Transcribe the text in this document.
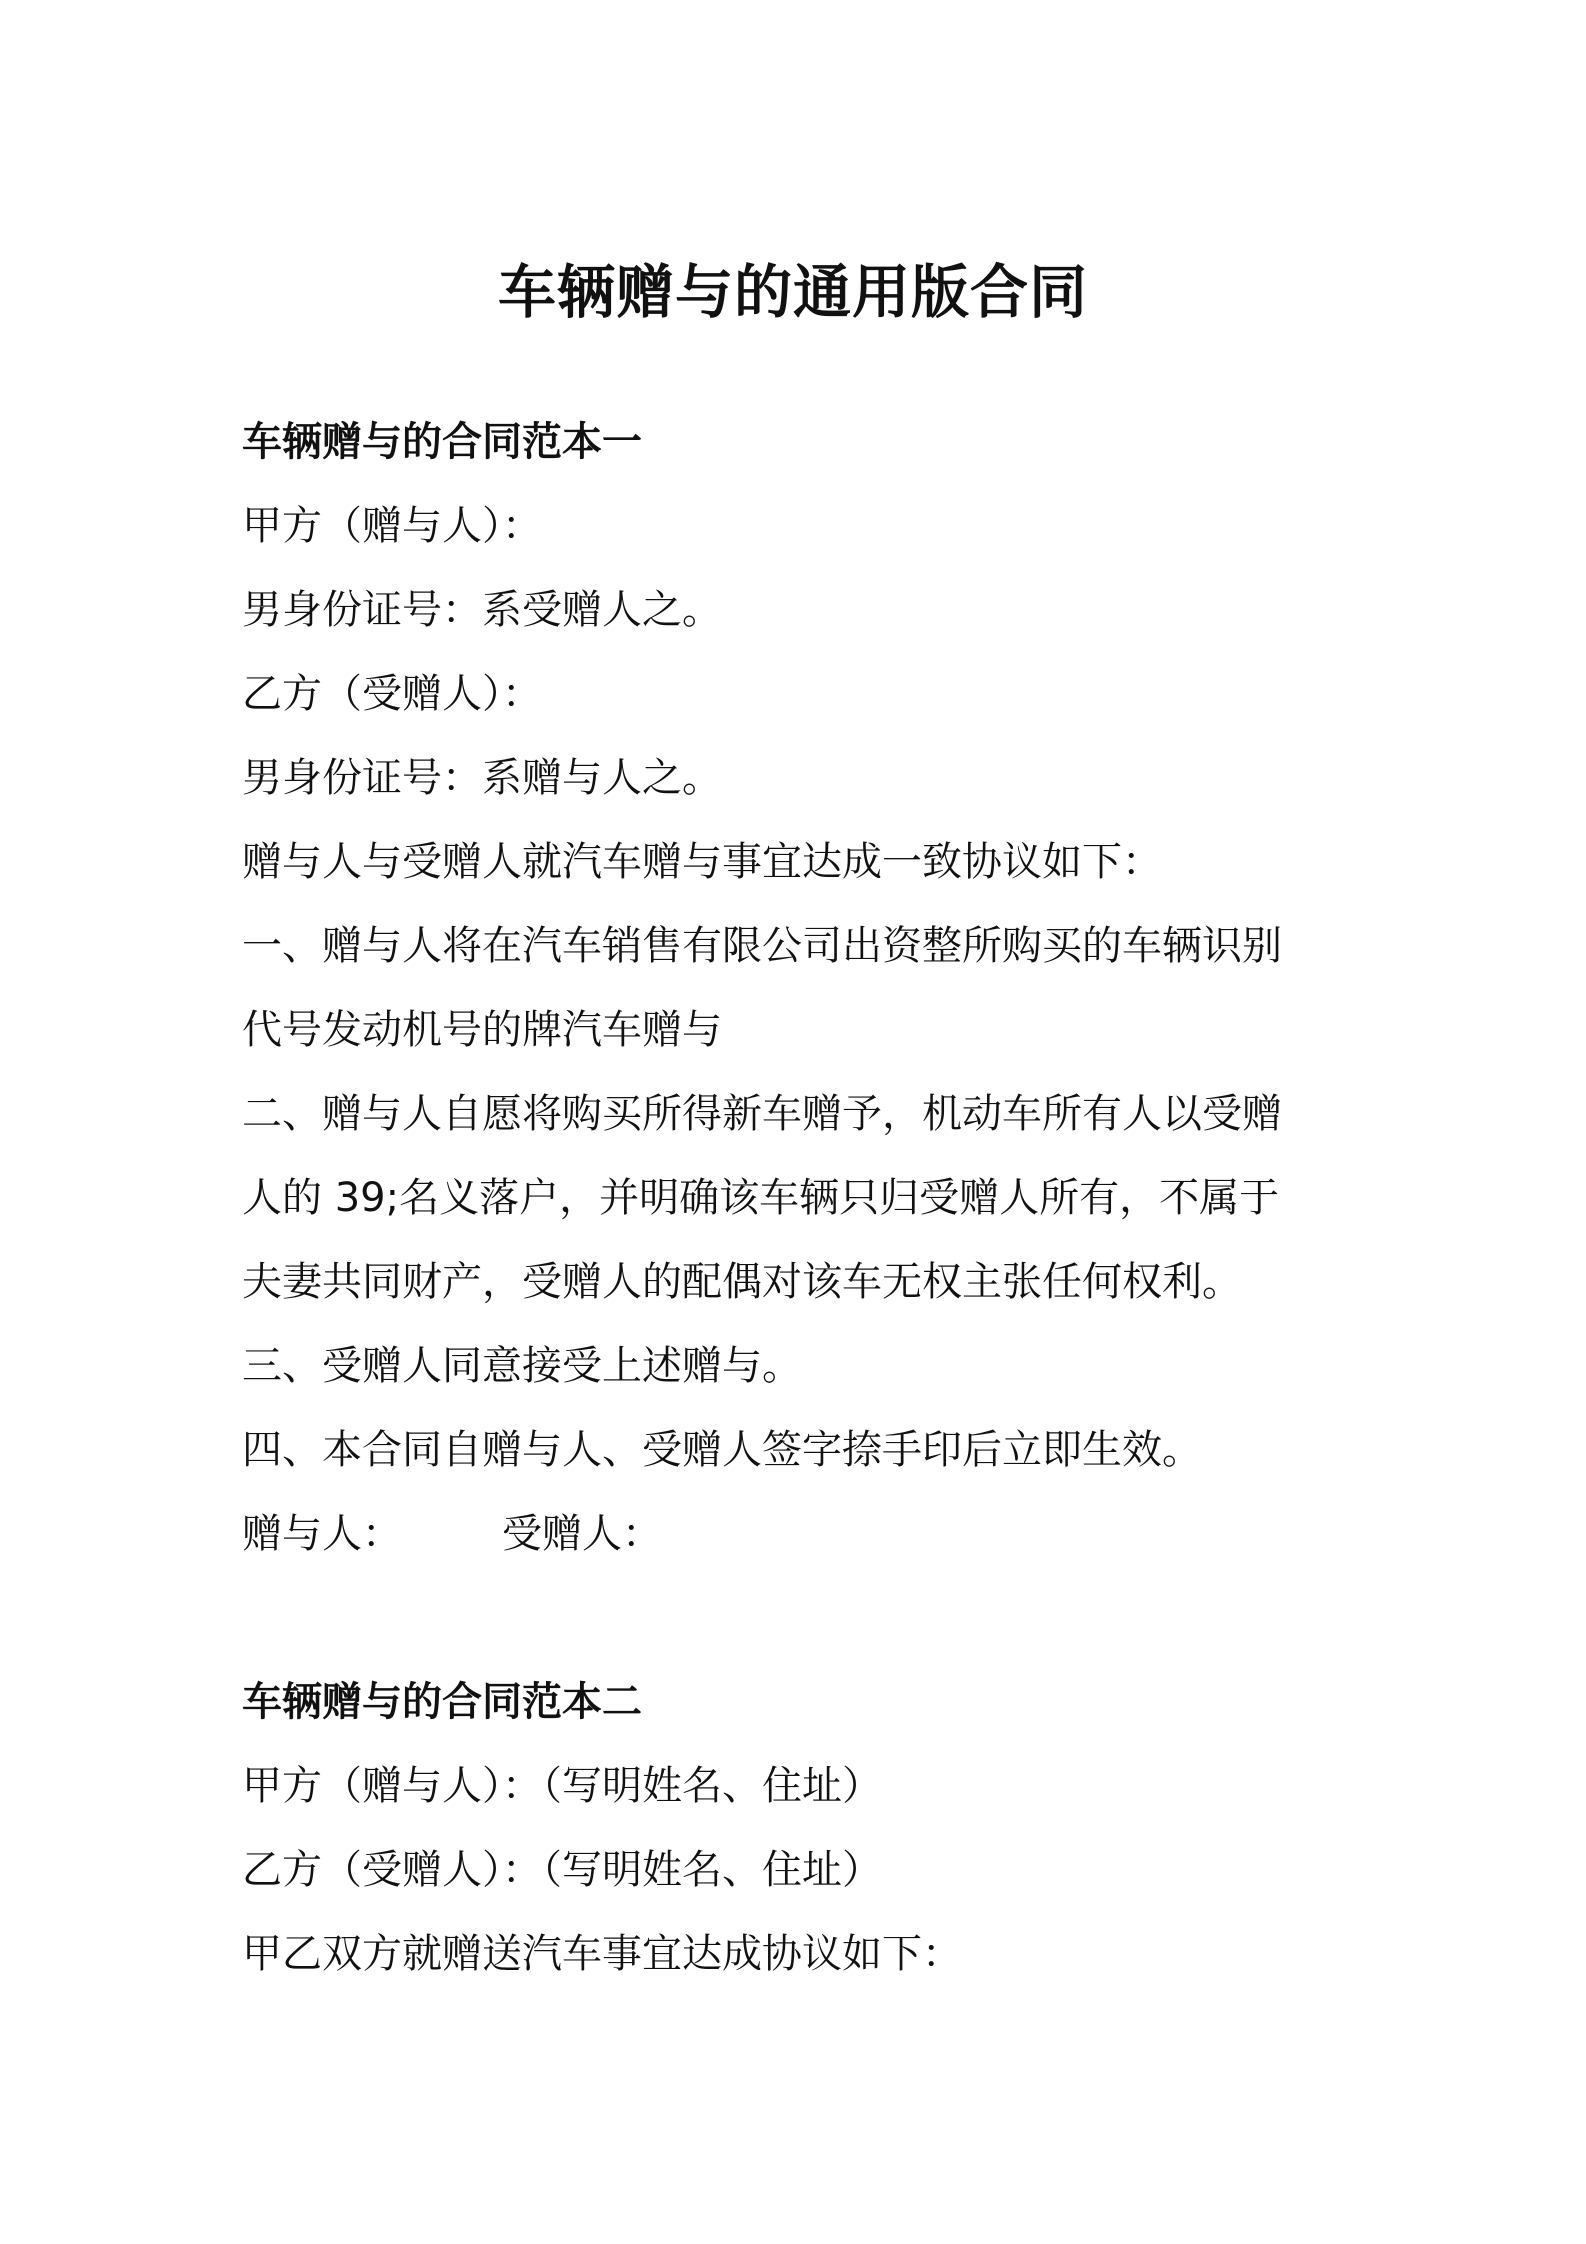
车辆赠与的通用版合同

车辆赠与的合同范本一

甲方（赠与人）：

男身份证号：系受赠人之。

乙方（受赠人）：

男身份证号：系赠与人之。

赠与人与受赠人就汽车赠与事宜达成一致协议如下：

一、赠与人将在汽车销售有限公司出资整所购买的车辆识别

代号发动机号的牌汽车赠与

二、赠与人自愿将购买所得新车赠予，机动车所有人以受赠

人的 39;名义落户，并明确该车辆只归受赠人所有，不属于

夫妻共同财产，受赠人的配偶对该车无权主张任何权利。

三、受赠人同意接受上述赠与。

四、本合同自赠与人、受赠人签字捺手印后立即生效。

赠与人：	受赠人：

车辆赠与的合同范本二

甲方（赠与人）：（写明姓名、住址）

乙方（受赠人）：（写明姓名、住址）

甲乙双方就赠送汽车事宜达成协议如下：
